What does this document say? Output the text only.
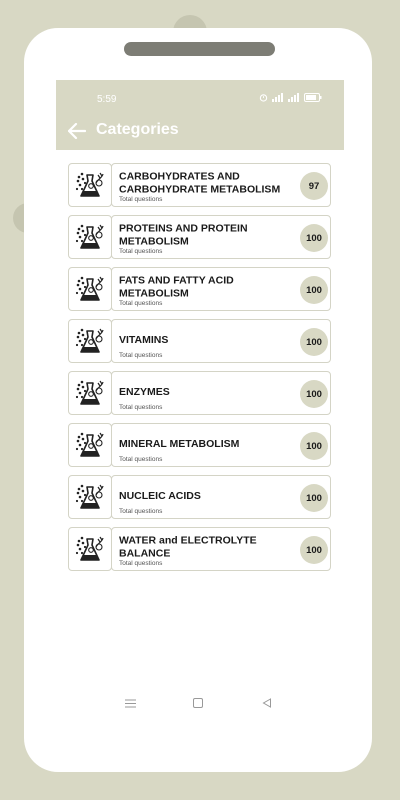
5:59
Categories
CARBOHYDRATES AND CARBOHYDRATE METABOLISM
Total questions
97
PROTEINS AND PROTEIN METABOLISM
Total questions
100
FATS AND FATTY ACID METABOLISM
Total questions
100
VITAMINS
Total questions
100
ENZYMES
Total questions
100
MINERAL METABOLISM
Total questions
100
NUCLEIC ACIDS
Total questions
100
WATER and ELECTROLYTE BALANCE
Total questions
100
